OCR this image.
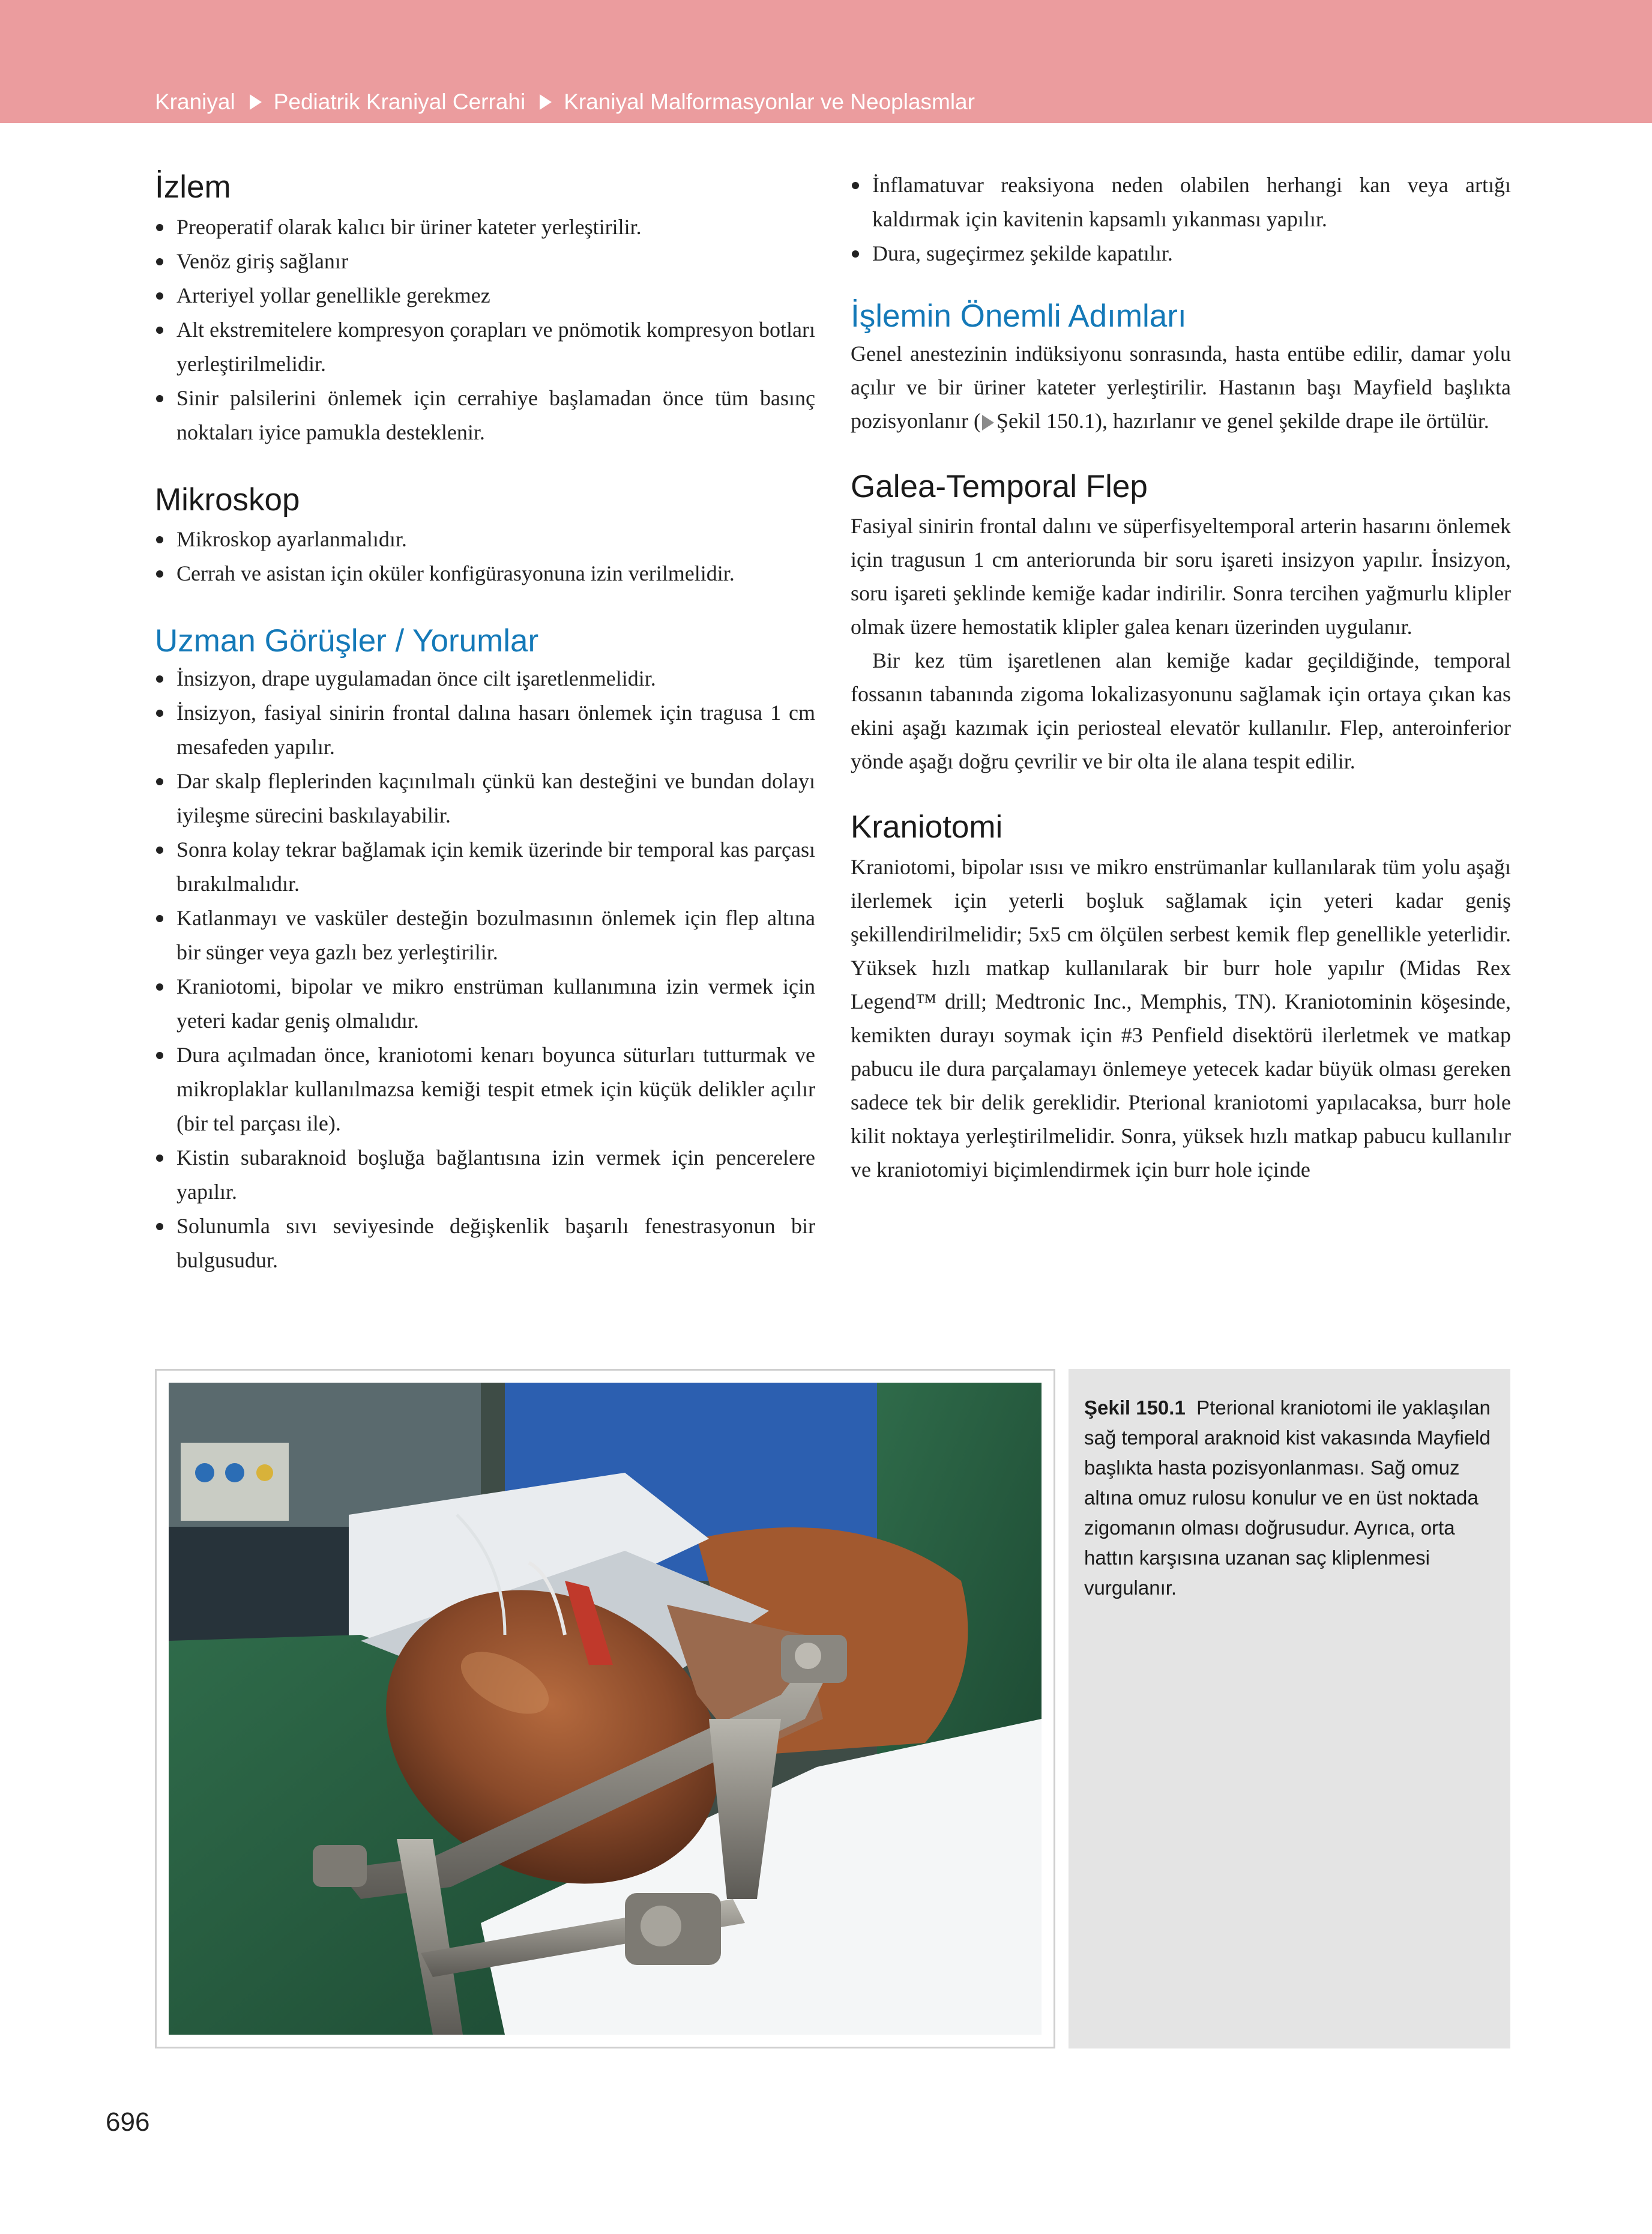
Kraniyal Pediatrik Kraniyal Cerrahi Kraniyal Malformasyonlar ve Neoplasmlar
İzlem
Preoperatif olarak kalıcı bir üriner kateter yerleştirilir.
Venöz giriş sağlanır
Arteriyel yollar genellikle gerekmez
Alt ekstremitelere kompresyon çorapları ve pnömotik kompresyon botları yerleştirilmelidir.
Sinir palsilerini önlemek için cerrahiye başlamadan önce tüm basınç noktaları iyice pamukla desteklenir.
Mikroskop
Mikroskop ayarlanmalıdır.
Cerrah ve asistan için oküler konfigürasyonuna izin verilmelidir.
Uzman Görüşler / Yorumlar
İnsizyon, drape uygulamadan önce cilt işaretlenmelidir.
İnsizyon, fasiyal sinirin frontal dalına hasarı önlemek için tragusa 1 cm mesafeden yapılır.
Dar skalp fleplerinden kaçınılmalı çünkü kan desteğini ve bundan dolayı iyileşme sürecini baskılayabilir.
Sonra kolay tekrar bağlamak için kemik üzerinde bir temporal kas parçası bırakılmalıdır.
Katlanmayı ve vasküler desteğin bozulmasının önlemek için flep altına bir sünger veya gazlı bez yerleştirilir.
Kraniotomi, bipolar ve mikro enstrüman kullanımına izin vermek için yeteri kadar geniş olmalıdır.
Dura açılmadan önce, kraniotomi kenarı boyunca süturları tutturmak ve mikroplaklar kullanılmazsa kemiği tespit etmek için küçük delikler açılır (bir tel parçası ile).
Kistin subaraknoid boşluğa bağlantısına izin vermek için pencerelere yapılır.
Solunumla sıvı seviyesinde değişkenlik başarılı fenestrasyonun bir bulgusudur.
İnflamatuvar reaksiyona neden olabilen herhangi kan veya artığı kaldırmak için kavitenin kapsamlı yıkanması yapılır.
Dura, sugeçirmez şekilde kapatılır.
İşlemin Önemli Adımları

Genel anestezinin indüksiyonu sonrasında, hasta entübe edilir, damar yolu açılır ve bir üriner kateter yerleştirilir. Hastanın başı Mayfield başlıkta pozisyonlanır ( Şekil 150.1), hazırlanır ve genel şekilde drape ile örtülür.

Galea-Temporal Flep

Fasiyal sinirin frontal dalını ve süperfisyeltemporal arterin hasarını önlemek için tragusun 1 cm anteriorunda bir soru işareti insizyon yapılır. İnsizyon, soru işareti şeklinde kemiğe kadar indirilir. Sonra tercihen yağmurlu klipler olmak üzere hemostatik klipler galea kenarı üzerinden uygulanır.

Bir kez tüm işaretlenen alan kemiğe kadar geçildiğinde, temporal fossanın tabanında zigoma lokalizasyonunu sağlamak için ortaya çıkan kas ekini aşağı kazımak için periosteal elevatör kullanılır. Flep, anteroinferior yönde aşağı doğru çevrilir ve bir olta ile alana tespit edilir.

Kraniotomi

Kraniotomi, bipolar ısısı ve mikro enstrümanlar kullanılarak tüm yolu aşağı ilerlemek için yeterli boşluk sağlamak için yeteri kadar geniş şekillendirilmelidir; 5x5 cm ölçülen serbest kemik flep genellikle yeterlidir. Yüksek hızlı matkap kullanılarak bir burr hole yapılır (Midas Rex Legend™ drill; Medtronic Inc., Memphis, TN). Kraniotominin köşesinde, kemikten durayı soymak için #3 Penfield disektörü ilerletmek ve matkap pabucu ile dura parçalamayı önlemeye yetecek kadar büyük olması gereken sadece tek bir delik gereklidir. Pterional kraniotomi yapılacaksa, burr hole kilit noktaya yerleştirilmelidir. Sonra, yüksek hızlı matkap pabucu kullanılır ve kraniotomiyi biçimlendirmek için burr hole içinde

Şekil 150.1 Pterional kraniotomi ile yaklaşılan sağ temporal araknoid kist vakasında Mayfield başlıkta hasta pozisyonlanması. Sağ omuz altına omuz rulosu konulur ve en üst noktada zigomanın olması doğrusudur. Ayrıca, orta hattın karşısına uzanan saç kliplenmesi vurgulanır.
696
